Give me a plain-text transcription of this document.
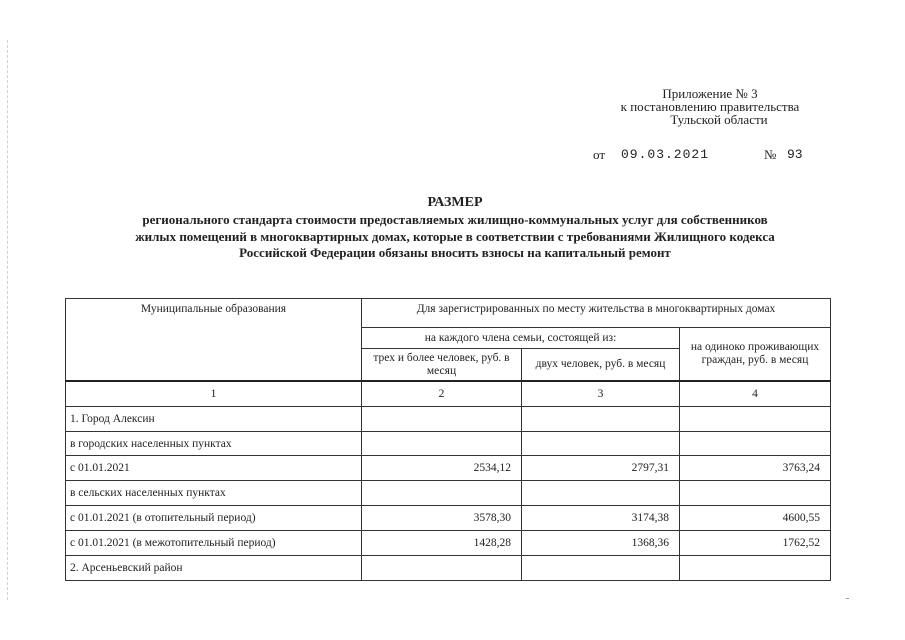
Приложение № 3
к постановлению правительства
Тульской области
от 09.03.2021	№ 93
РАЗМЕР
регионального стандарта стоимости предоставляемых жилищно-коммунальных услуг для собственников
жилых помещений в многоквартирных домах, которые в соответствии с требованиями Жилищного кодекса
Российской Федерации обязаны вносить взносы на капитальный ремонт
Муниципальные образования	Для зарегистрированных по месту жительства в многоквартирных домах		
	на каждого члена семьи, состоящей из:		на одиноко проживающих граждан, руб. в месяц
	трех и более человек, руб. в месяц	двух человек, руб. в месяц	
1	2	3	4
1. Город Алексин			
в городских населенных пунктах			
с 01.01.2021	2534,12	2797,31	3763,24
в сельских населенных пунктах			
с 01.01.2021 (в отопительный период)	3578,30	3174,38	4600,55
с 01.01.2021 (в межотопительный период)	1428,28	1368,36	1762,52
2. Арсеньевский район			
